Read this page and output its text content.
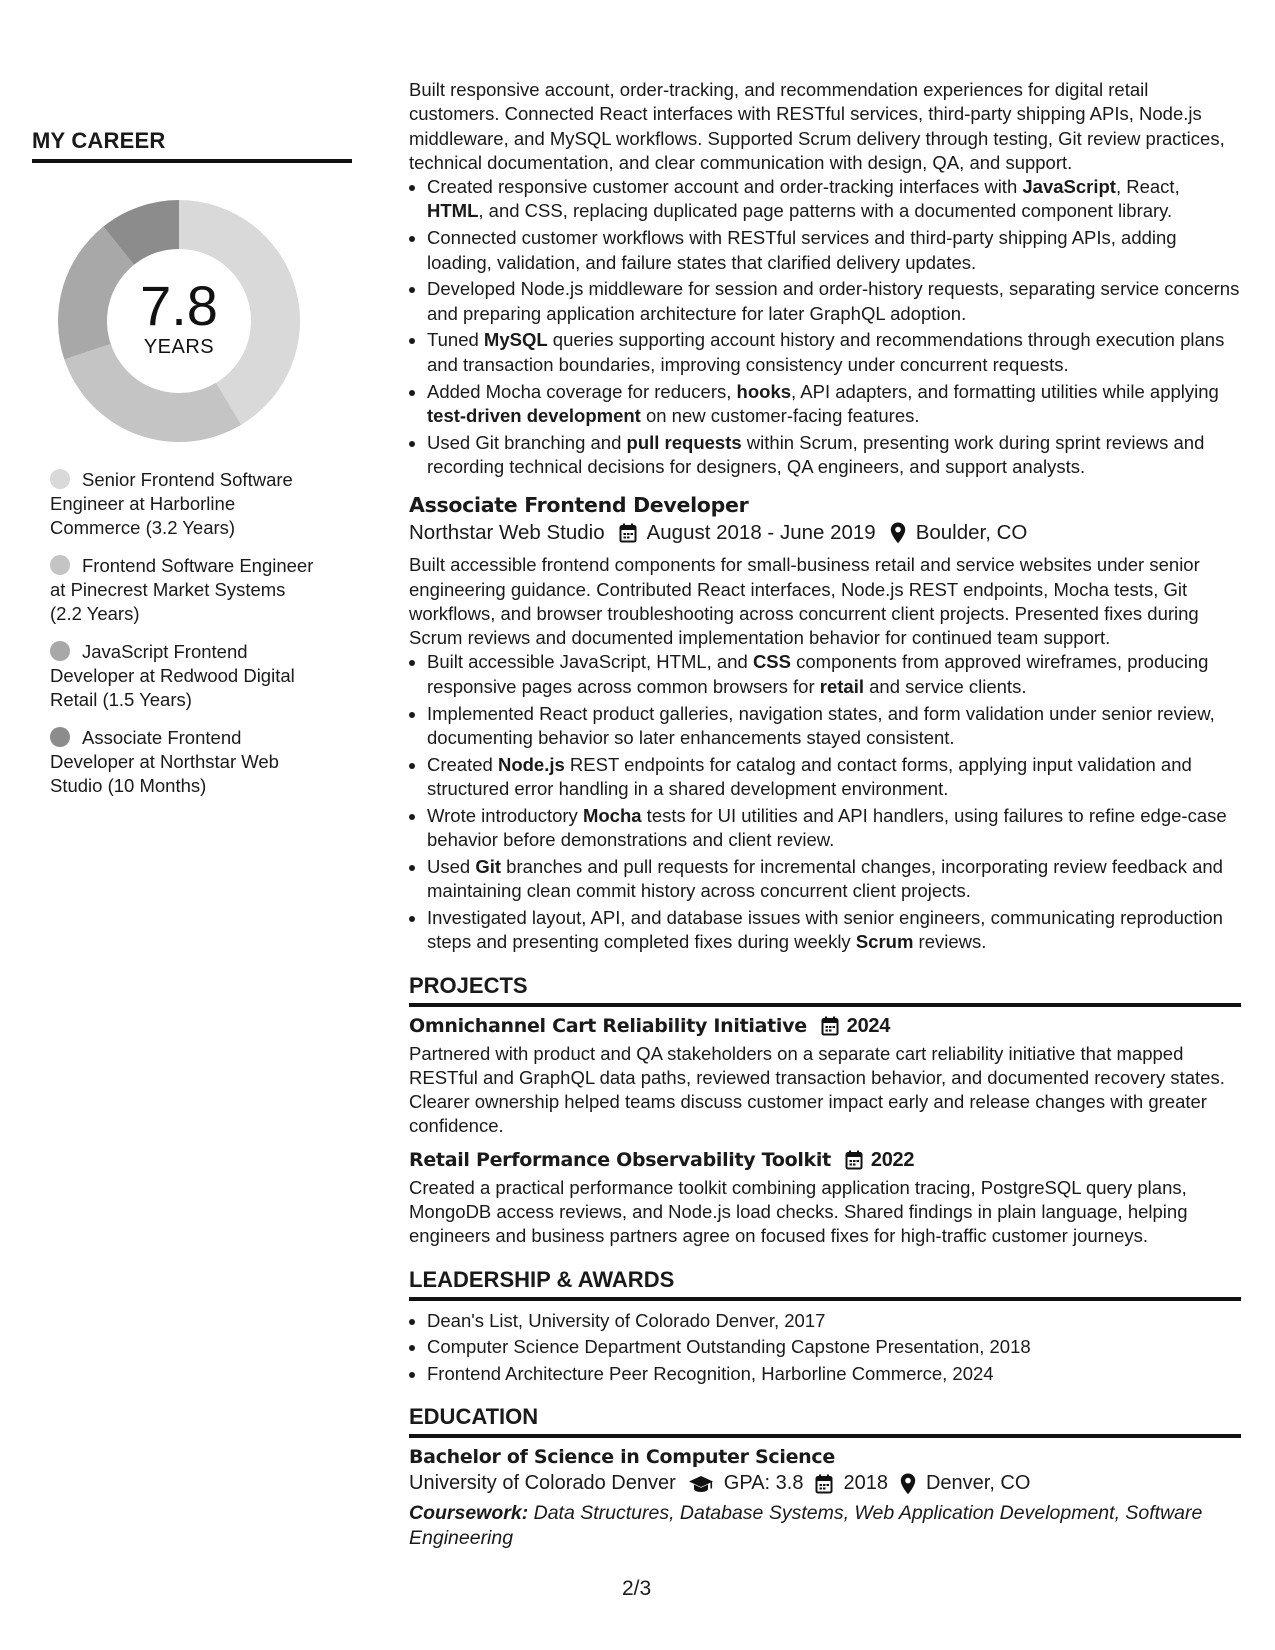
MY CAREER
7.8
YEARS
Senior Frontend Software Engineer at Harborline Commerce (3.2 Years)
Frontend Software Engineer at Pinecrest Market Systems (2.2 Years)
JavaScript Frontend Developer at Redwood Digital Retail (1.5 Years)
Associate Frontend Developer at Northstar Web Studio (10 Months)

Built responsive account, order-tracking, and recommendation experiences for digital retail customers. Connected React interfaces with RESTful services, third-party shipping APIs, Node.js middleware, and MySQL workflows. Supported Scrum delivery through testing, Git review practices, technical documentation, and clear communication with design, QA, and support.

• Created responsive customer account and order-tracking interfaces with JavaScript, React, HTML, and CSS, replacing duplicated page patterns with a documented component library.
• Connected customer workflows with RESTful services and third-party shipping APIs, adding loading, validation, and failure states that clarified delivery updates.
• Developed Node.js middleware for session and order-history requests, separating service concerns and preparing application architecture for later GraphQL adoption.
• Tuned MySQL queries supporting account history and recommendations through execution plans and transaction boundaries, improving consistency under concurrent requests.
• Added Mocha coverage for reducers, hooks, API adapters, and formatting utilities while applying test-driven development on new customer-facing features.
• Used Git branching and pull requests within Scrum, presenting work during sprint reviews and recording technical decisions for designers, QA engineers, and support analysts.
Associate Frontend Developer
Northstar Web Studio August 2018 - June 2019 Boulder, CO

Built accessible frontend components for small-business retail and service websites under senior engineering guidance. Contributed React interfaces, Node.js REST endpoints, Mocha tests, Git workflows, and browser troubleshooting across concurrent client projects. Presented fixes during Scrum reviews and documented implementation behavior for continued team support.

• Built accessible JavaScript, HTML, and CSS components from approved wireframes, producing responsive pages across common browsers for retail and service clients.
• Implemented React product galleries, navigation states, and form validation under senior review, documenting behavior so later enhancements stayed consistent.
• Created Node.js REST endpoints for catalog and contact forms, applying input validation and structured error handling in a shared development environment.
• Wrote introductory Mocha tests for UI utilities and API handlers, using failures to refine edge-case behavior before demonstrations and client review.
• Used Git branches and pull requests for incremental changes, incorporating review feedback and maintaining clean commit history across concurrent client projects.
• Investigated layout, API, and database issues with senior engineers, communicating reproduction steps and presenting completed fixes during weekly Scrum reviews.
PROJECTS
Omnichannel Cart Reliability Initiative 2024

Partnered with product and QA stakeholders on a separate cart reliability initiative that mapped RESTful and GraphQL data paths, reviewed transaction behavior, and documented recovery states. Clearer ownership helped teams discuss customer impact early and release changes with greater confidence.

Retail Performance Observability Toolkit 2022

Created a practical performance toolkit combining application tracing, PostgreSQL query plans, MongoDB access reviews, and Node.js load checks. Shared findings in plain language, helping engineers and business partners agree on focused fixes for high-traffic customer journeys.

LEADERSHIP & AWARDS
• Dean's List, University of Colorado Denver, 2017
• Computer Science Department Outstanding Capstone Presentation, 2018
• Frontend Architecture Peer Recognition, Harborline Commerce, 2024
EDUCATION
Bachelor of Science in Computer Science
University of Colorado Denver GPA: 3.8 2018 Denver, CO
Coursework: Data Structures, Database Systems, Web Application Development, Software Engineering
2/3
